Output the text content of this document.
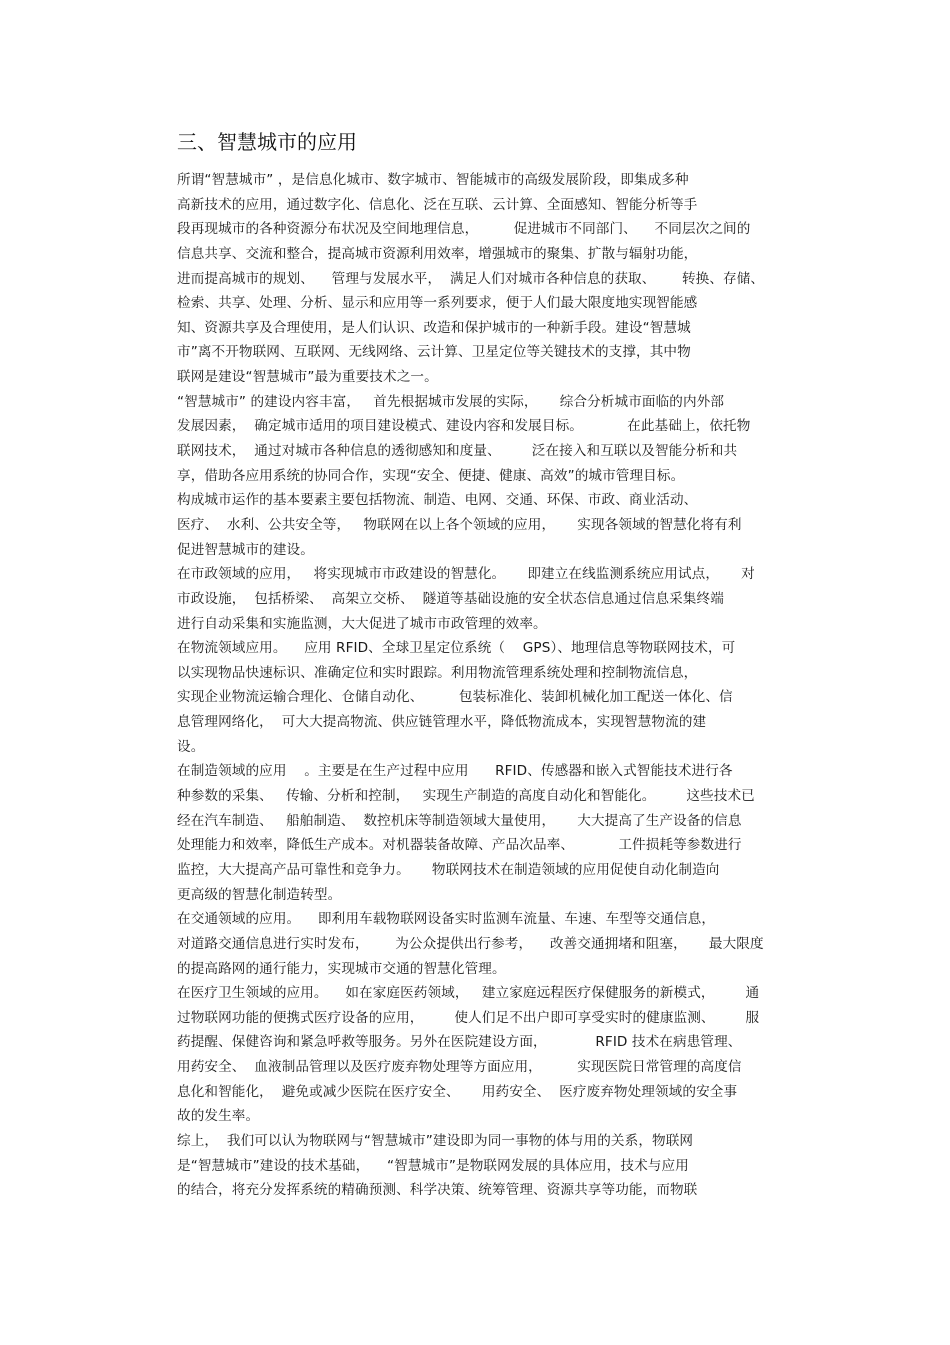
三、智慧城市的应用
所谓“智慧城市” ，是信息化城市、数字城市、智能城市的高级发展阶段，即集成多种
高新技术的应用，通过数字化、信息化、泛在互联、云计算、全面感知、智能分析等手
段再现城市的各种资源分布状况及空间地理信息，        促进城市不同部门、    不同层次之间的
信息共享、交流和整合，提高城市资源利用效率，增强城市的聚集、扩散与辐射功能，
进而提高城市的规划、    管理与发展水平，  满足人们对城市各种信息的获取、      转换、存储、
检索、共享、处理、分析、显示和应用等一系列要求，便于人们最大限度地实现智能感
知、资源共享及合理使用，是人们认识、改造和保护城市的一种新手段。建设“智慧城
市”离不开物联网、互联网、无线网络、云计算、卫星定位等关键技术的支撑，其中物
联网是建设“智慧城市”最为重要技术之一。
“智慧城市” 的建设内容丰富，   首先根据城市发展的实际，     综合分析城市面临的内外部
发展因素，  确定城市适用的项目建设模式、建设内容和发展目标。          在此基础上，依托物
联网技术，  通过对城市各种信息的透彻感知和度量、       泛在接入和互联以及智能分析和共
享，借助各应用系统的协同合作，实现“安全、便捷、健康、高效”的城市管理目标。
构成城市运作的基本要素主要包括物流、制造、电网、交通、环保、市政、商业活动、
医疗、  水利、公共安全等，   物联网在以上各个领域的应用，     实现各领域的智慧化将有利
促进智慧城市的建设。
在市政领域的应用，   将实现城市市政建设的智慧化。     即建立在线监测系统应用试点，     对
市政设施，  包括桥梁、  高架立交桥、  隧道等基础设施的安全状态信息通过信息采集终端
进行自动采集和实施监测，大大促进了城市市政管理的效率。
在物流领域应用。    应用 RFID、全球卫星定位系统（    GPS）、地理信息等物联网技术，可
以实现物品快速标识、准确定位和实时跟踪。利用物流管理系统处理和控制物流信息，
实现企业物流运输合理化、仓储自动化、        包装标准化、装卸机械化加工配送一体化、信
息管理网络化，  可大大提高物流、供应链管理水平，降低物流成本，实现智慧物流的建
设。
在制造领域的应用    。主要是在生产过程中应用      RFID、传感器和嵌入式智能技术进行各
种参数的采集、   传输、分析和控制，   实现生产制造的高度自动化和智能化。       这些技术已
经在汽车制造、   船舶制造、  数控机床等制造领域大量使用，     大大提高了生产设备的信息
处理能力和效率，降低生产成本。对机器装备故障、产品次品率、          工件损耗等参数进行
监控，大大提高产品可靠性和竞争力。     物联网技术在制造领域的应用促使自动化制造向
更高级的智慧化制造转型。
在交通领域的应用。    即利用车载物联网设备实时监测车流量、车速、车型等交通信息，
对道路交通信息进行实时发布，      为公众提供出行参考，    改善交通拥堵和阻塞，     最大限度
的提高路网的通行能力，实现城市交通的智慧化管理。
在医疗卫生领域的应用。    如在家庭医药领域，   建立家庭远程医疗保健服务的新模式，       通
过物联网功能的便携式医疗设备的应用，       使人们足不出户即可享受实时的健康监测、       服
药提醒、保健咨询和紧急呼救等服务。另外在医院建设方面，           RFID 技术在病患管理、
用药安全、  血液制品管理以及医疗废弃物处理等方面应用，        实现医院日常管理的高度信
息化和智能化，  避免或减少医院在医疗安全、     用药安全、  医疗废弃物处理领域的安全事
故的发生率。
综上，  我们可以认为物联网与“智慧城市”建设即为同一事物的体与用的关系，物联网
是“智慧城市”建设的技术基础，    “智慧城市”是物联网发展的具体应用，技术与应用
的结合，将充分发挥系统的精确预测、科学决策、统筹管理、资源共享等功能，而物联
